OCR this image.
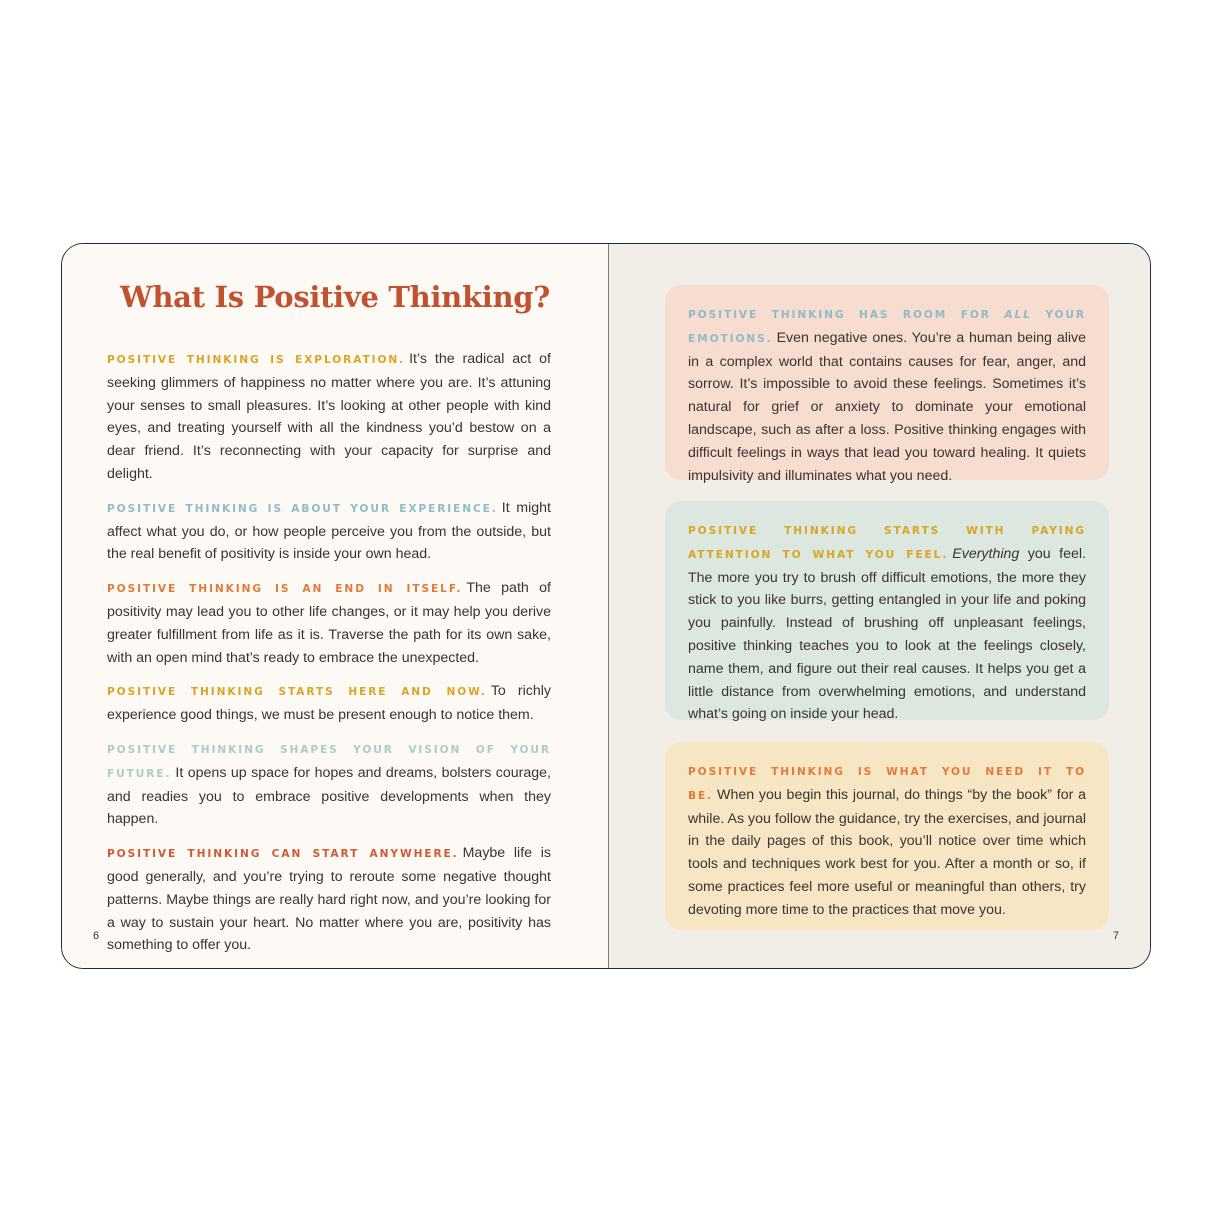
What Is Positive Thinking?

POSITIVE THINKING IS EXPLORATION. It’s the radical act of seeking glimmers of happiness no matter where you are. It’s attuning your senses to small pleasures. It’s looking at other people with kind eyes, and treating yourself with all the kindness you’d bestow on a dear friend. It’s reconnecting with your capacity for surprise and delight.

POSITIVE THINKING IS ABOUT YOUR EXPERIENCE. It might affect what you do, or how people perceive you from the outside, but the real benefit of positivity is inside your own head.

POSITIVE THINKING IS AN END IN ITSELF. The path of positivity may lead you to other life changes, or it may help you derive greater fulfillment from life as it is. Traverse the path for its own sake, with an open mind that’s ready to embrace the unexpected.

POSITIVE THINKING STARTS HERE AND NOW. To richly experience good things, we must be present enough to notice them.

POSITIVE THINKING SHAPES YOUR VISION OF YOUR FUTURE. It opens up space for hopes and dreams, bolsters courage, and readies you to embrace positive developments when they happen.

POSITIVE THINKING CAN START ANYWHERE. Maybe life is good generally, and you’re trying to reroute some negative thought patterns. Maybe things are really hard right now, and you’re looking for a way to sustain your heart. No matter where you are, positivity has something to offer you.

6

POSITIVE THINKING HAS ROOM FOR ALL YOUR EMOTIONS. Even negative ones. You’re a human being alive in a complex world that contains causes for fear, anger, and sorrow. It’s impossible to avoid these feelings. Sometimes it’s natural for grief or anxiety to dominate your emotional landscape, such as after a loss. Positive thinking engages with difficult feelings in ways that lead you toward healing. It quiets impulsivity and illuminates what you need.

POSITIVE THINKING STARTS WITH PAYING ATTENTION TO WHAT YOU FEEL. Everything you feel. The more you try to brush off difficult emotions, the more they stick to you like burrs, getting entangled in your life and poking you painfully. Instead of brushing off unpleasant feelings, positive thinking teaches you to look at the feelings closely, name them, and figure out their real causes. It helps you get a little distance from overwhelming emotions, and understand what’s going on inside your head.

POSITIVE THINKING IS WHAT YOU NEED IT TO BE. When you begin this journal, do things “by the book” for a while. As you follow the guidance, try the exercises, and journal in the daily pages of this book, you’ll notice over time which tools and techniques work best for you. After a month or so, if some practices feel more useful or meaningful than others, try devoting more time to the practices that move you.

7
